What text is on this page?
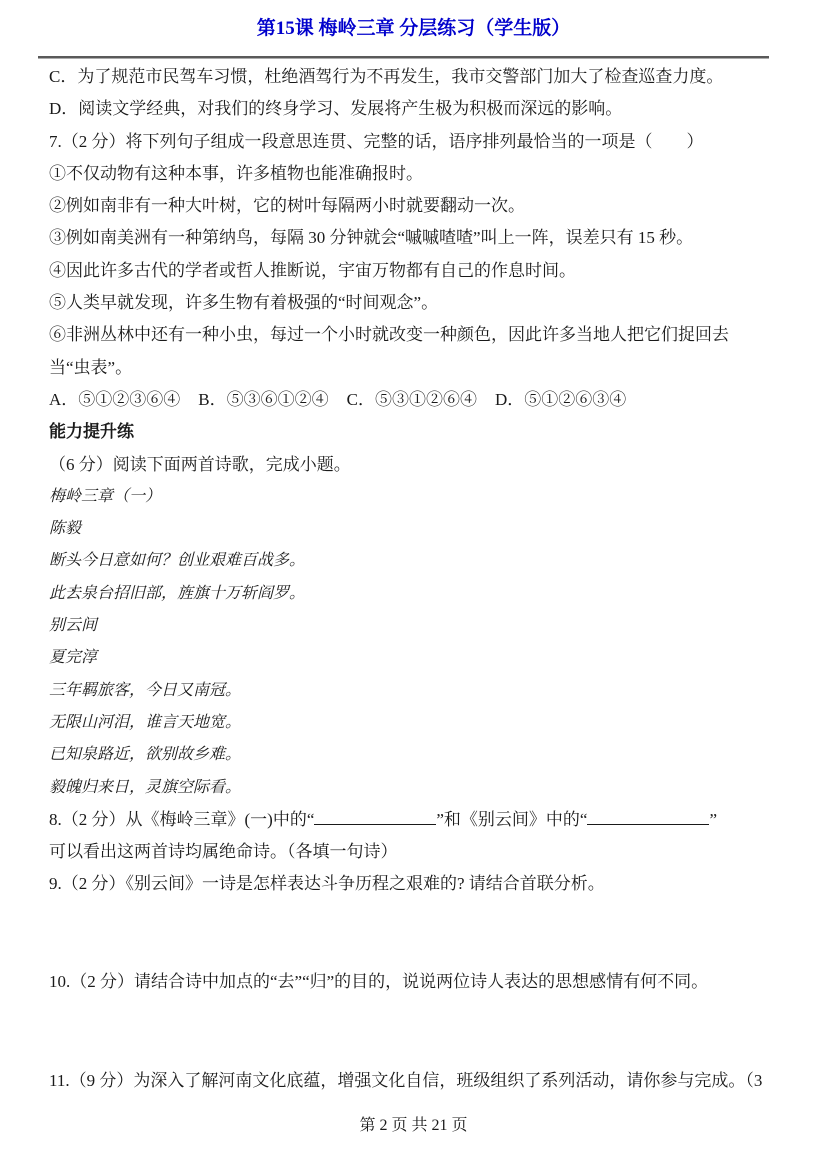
第15课 梅岭三章 分层练习（学生版）

C．为了规范市民驾车习惯，杜绝酒驾行为不再发生，我市交警部门加大了检查巡查力度。

D．阅读文学经典，对我们的终身学习、发展将产生极为积极而深远的影响。

7.（2 分）将下列句子组成一段意思连贯、完整的话，语序排列最恰当的一项是（　　）

①不仅动物有这种本事，许多植物也能准确报时。

②例如南非有一种大叶树，它的树叶每隔两小时就要翻动一次。

③例如南美洲有一种第纳鸟，每隔 30 分钟就会“嘁嘁喳喳”叫上一阵，误差只有 15 秒。

④因此许多古代的学者或哲人推断说，宇宙万物都有自己的作息时间。

⑤人类早就发现，许多生物有着极强的“时间观念”。

⑥非洲丛林中还有一种小虫，每过一个小时就改变一种颜色，因此许多当地人把它们捉回去当“虫表”。

A．⑤①②③⑥④ B．⑤③⑥①②④ C．⑤③①②⑥④ D．⑤①②⑥③④

能力提升练

（6 分）阅读下面两首诗歌，完成小题。

梅岭三章（一）

陈毅

断头今日意如何？创业艰难百战多。

此去 •泉台招旧部，旌旗十万斩阎罗。

别云间

夏完淳

三年羁旅客，今日又南冠。

无限山河泪，谁言天地宽。

已知泉路近，欲别故乡难。

毅魄归 •来日，灵旗空际看。

8.（2 分）从《梅岭三章》(一)中的“	”和《别云间》中的“	”

可以看出这两首诗均属绝命诗。（各填一句诗）

9.（2 分）《别云间》一诗是怎样表达斗争历程之艰难的? 请结合首联分析。

10.（2 分）请结合诗中加点的“去”“归”的目的，说说两位诗人表达的思想感情有何不同。

11.（9 分）为深入了解河南文化底蕴，增强文化自信，班级组织了系列活动，请你参与完成。（3

第 2 页 共 21 页
